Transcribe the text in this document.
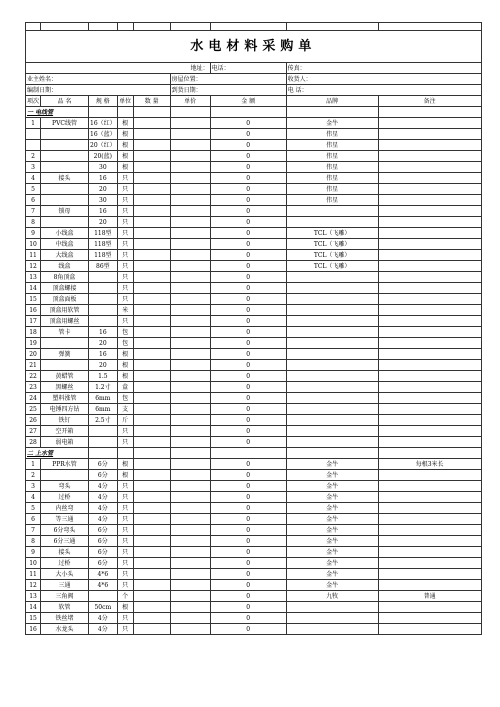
水电材料采购单								
地址：						电话：	传真：	
业主姓名：					房屋位置：		收货人：	
编制日期：					到货日期：		电 话：	
项次	品 名	规 格	单位	数 量	单价	金 额	品牌	备注
一 电线管								
1	PVC线管	16（红）	根			0	金牛	
		16（蓝）	根			0	伟星	
		20（红）	根			0	伟星	
2		20(蓝)	根			0	伟星	
3		30	根			0	伟星	
4	接头	16	只			0	伟星	
5		20	只			0	伟星	
6		30	只			0	伟星	
7	锁母	16	只			0		
8		20	只			0		
9	小线盒	118型	只			0	TCL（飞雕）	
10	中线盒	118型	只			0	TCL（飞雕）	
11	大线盒	118型	只			0	TCL（飞雕）	
12	线盒	86型	只			0	TCL（飞雕）	
13	8角顶盒		只			0		
14	顶盒螺接		只			0		
15	顶盒面板		只			0		
16	顶盒用软管		米			0		
17	顶盒用螺丝		只			0		
18	管卡	16	包			0		
19		20	包			0		
20	弹簧	16	根			0		
21		20	根			0		
22	黄蜡管	1.5	根			0		
23	黑螺丝	1.2寸	盒			0		
24	塑料涨管	6mm	包			0		
25	电锤四方钻	6mm	支			0		
26	铁钉	2.5寸	斤			0		
27	空开箱		只			0		
28	弱电箱		只			0		
二 上水管								
1	PPR水管	6分	根			0	金牛	每根3米长
2		6分	根			0	金牛	
3	弯头	4分	只			0	金牛	
4	过桥	4分	只			0	金牛	
5	内丝弯	4分	只			0	金牛	
6	等三通	4分	只			0	金牛	
7	6分弯头	6分	只			0	金牛	
8	6分三通	6分	只			0	金牛	
9	接头	6分	只			0	金牛	
10	过桥	6分	只			0	金牛	
11	大小头	4*6	只			0	金牛	
12	三通	4*6	只			0	金牛	
13	三角阀		个			0	九牧	普通
14	软管	50cm	根			0		
15	铁丝堵	4分	只			0		
16	水龙头	4分	只			0		
